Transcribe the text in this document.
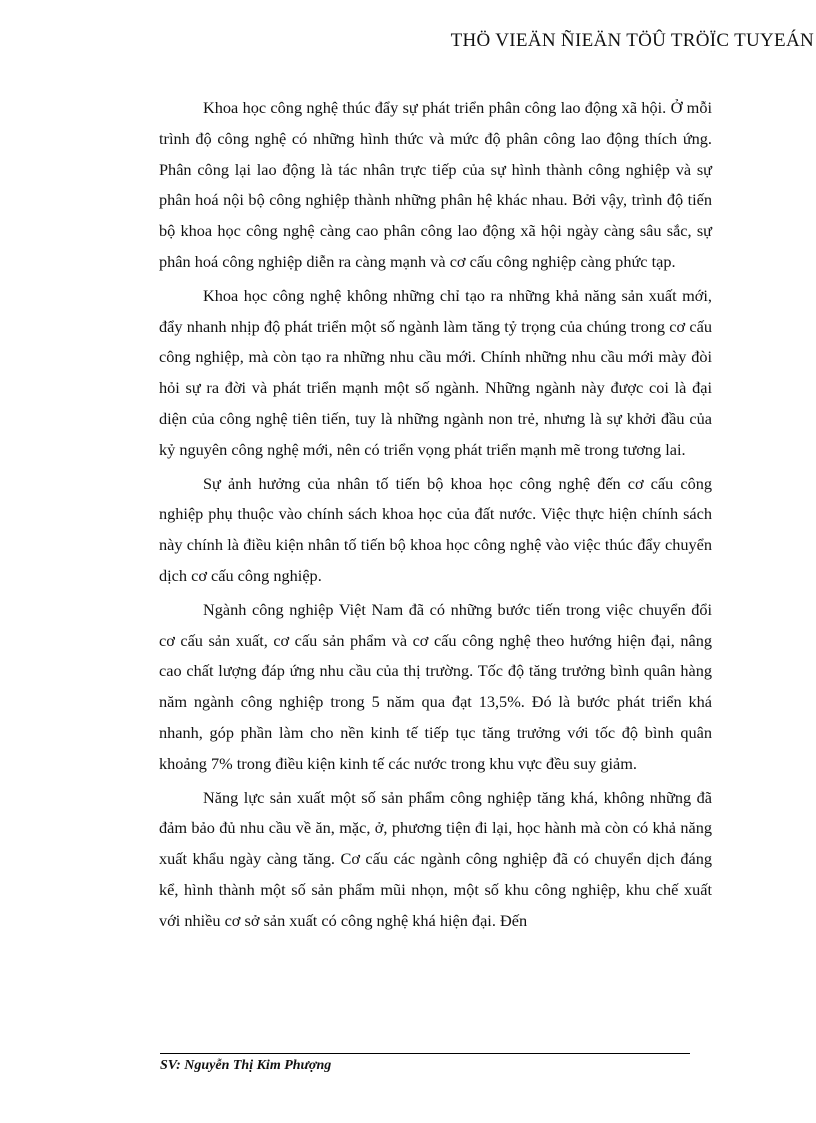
THÖ VIEÄN ÑIEÄN TÖÛ TRÖÏC TUYEÁN

Khoa học công nghệ thúc đẩy sự phát triển phân công lao động xã hội. Ở mỗi trình độ công nghệ có những hình thức và mức độ phân công lao động thích ứng. Phân công lại lao động là tác nhân trực tiếp của sự hình thành công nghiệp và sự phân hoá nội bộ công nghiệp thành những phân hệ khác nhau. Bởi vậy, trình độ tiến bộ khoa học công nghệ càng cao phân công lao động xã hội ngày càng sâu sắc, sự phân hoá công nghiệp diễn ra càng mạnh và cơ cấu công nghiệp càng phức tạp.

Khoa học công nghệ không những chỉ tạo ra những khả năng sản xuất mới, đẩy nhanh nhịp độ phát triển một số ngành làm tăng tỷ trọng của chúng trong cơ cấu công nghiệp, mà còn tạo ra những nhu cầu mới. Chính những nhu cầu mới mày đòi hỏi sự ra đời và phát triển mạnh một số ngành. Những ngành này được coi là đại diện của công nghệ tiên tiến, tuy là những ngành non trẻ, nhưng là sự khởi đầu của kỷ nguyên công nghệ mới, nên có triển vọng phát triển mạnh mẽ trong tương lai.

Sự ảnh hưởng của nhân tố tiến bộ khoa học công nghệ đến cơ cấu công nghiệp phụ thuộc vào chính sách khoa học của đất nước. Việc thực hiện chính sách này chính là điều kiện nhân tố tiến bộ khoa học công nghệ vào việc thúc đẩy chuyển dịch cơ cấu công nghiệp.

Ngành công nghiệp Việt Nam đã có những bước tiến trong việc chuyển đổi cơ cấu sản xuất, cơ cấu sản phẩm và cơ cấu công nghệ theo hướng hiện đại, nâng cao chất lượng đáp ứng nhu cầu của thị trường. Tốc độ tăng trưởng bình quân hàng năm ngành công nghiệp trong 5 năm qua đạt 13,5%. Đó là bước phát triển khá nhanh, góp phần làm cho nền kinh tế tiếp tục tăng trưởng với tốc độ bình quân khoảng 7% trong điều kiện kinh tế các nước trong khu vực đều suy giảm.

Năng lực sản xuất một số sản phẩm công nghiệp tăng khá, không những đã đảm bảo đủ nhu cầu về ăn, mặc, ở, phương tiện đi lại, học hành mà còn có khả năng xuất khẩu ngày càng tăng. Cơ cấu các ngành công nghiệp đã có chuyển dịch đáng kể, hình thành một số sản phẩm mũi nhọn, một số khu công nghiệp, khu chế xuất với nhiều cơ sở sản xuất có công nghệ khá hiện đại. Đến

SV: Nguyễn Thị Kim Phượng
